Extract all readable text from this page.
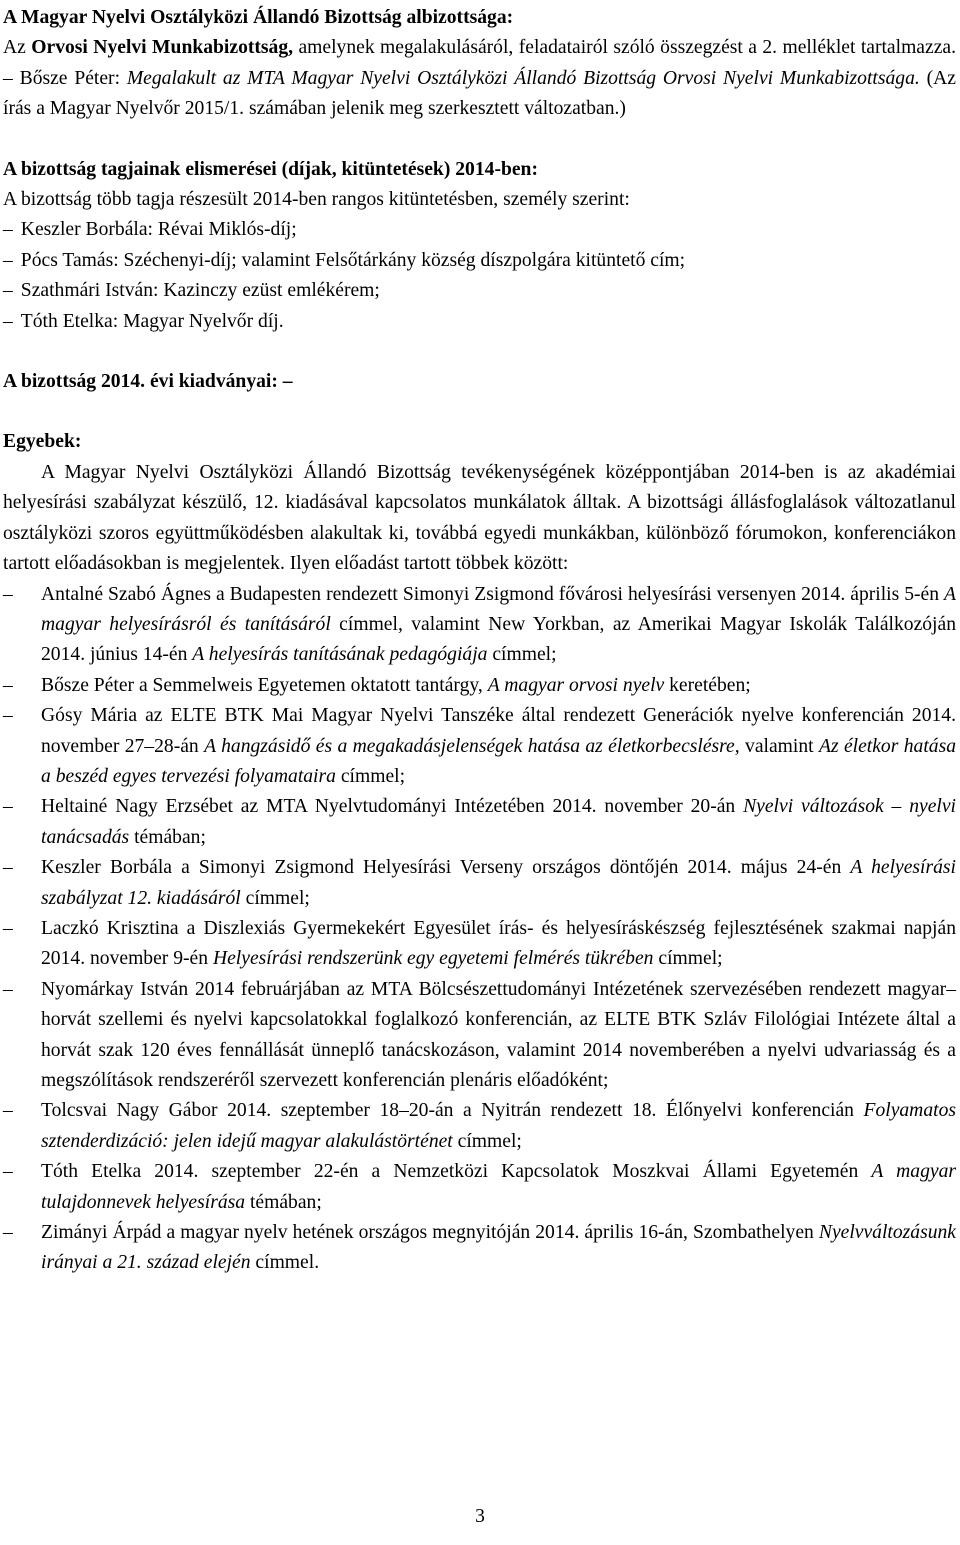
A Magyar Nyelvi Osztályközi Állandó Bizottság albizottsága:

Az Orvosi Nyelvi Munkabizottság, amelynek megalakulásáról, feladatairól szóló összegzést a 2. melléklet tartalmazza. – Bősze Péter: Megalakult az MTA Magyar Nyelvi Osztályközi Állandó Bizottság Orvosi Nyelvi Munkabizottsága. (Az írás a Magyar Nyelvőr 2015/1. számában jelenik meg szerkesztett változatban.)

A bizottság tagjainak elismerései (díjak, kitüntetések) 2014-ben:

A bizottság több tagja részesült 2014-ben rangos kitüntetésben, személy szerint:

– Keszler Borbála: Révai Miklós-díj;
– Pócs Tamás: Széchenyi-díj; valamint Felsőtárkány község díszpolgára kitüntető cím;
– Szathmári István: Kazinczy ezüst emlékérem;
– Tóth Etelka: Magyar Nyelvőr díj.

A bizottság 2014. évi kiadványai: –

Egyebek:

A Magyar Nyelvi Osztályközi Állandó Bizottság tevékenységének középpontjában 2014-ben is az akadémiai helyesírási szabályzat készülő, 12. kiadásával kapcsolatos munkálatok álltak. A bizottsági állásfoglalások változatlanul osztályközi szoros együttműködésben alakultak ki, továbbá egyedi munkákban, különböző fórumokon, konferenciákon tartott előadásokban is megjelentek. Ilyen előadást tartott többek között:

–	Antalné Szabó Ágnes a Budapesten rendezett Simonyi Zsigmond fővárosi helyesírási versenyen 2014. április 5-én A magyar helyesírásról és tanításáról címmel, valamint New Yorkban, az Amerikai Magyar Iskolák Találkozóján 2014. június 14-én A helyesírás tanításának pedagógiája címmel;
–	Bősze Péter a Semmelweis Egyetemen oktatott tantárgy, A magyar orvosi nyelv keretében;
–	Gósy Mária az ELTE BTK Mai Magyar Nyelvi Tanszéke által rendezett Generációk nyelve konferencián 2014. november 27–28-án A hangzásidő és a megakadásjelenségek hatása az életkorbecslésre, valamint Az életkor hatása a beszéd egyes tervezési folyamataira címmel;
–	Heltainé Nagy Erzsébet az MTA Nyelvtudományi Intézetében 2014. november 20-án Nyelvi változások – nyelvi tanácsadás témában;
–	Keszler Borbála a Simonyi Zsigmond Helyesírási Verseny országos döntőjén 2014. május 24-én A helyesírási szabályzat 12. kiadásáról címmel;
–	Laczkó Krisztina a Diszlexiás Gyermekekért Egyesület írás- és helyesíráskészség fejlesztésének szakmai napján 2014. november 9-én Helyesírási rendszerünk egy egyetemi felmérés tükrében címmel;
–	Nyomárkay István 2014 februárjában az MTA Bölcsészettudományi Intézetének szervezésében rendezett magyar–horvát szellemi és nyelvi kapcsolatokkal foglalkozó konferencián, az ELTE BTK Szláv Filológiai Intézete által a horvát szak 120 éves fennállását ünneplő tanácskozáson, valamint 2014 novemberében a nyelvi udvariasság és a megszólítások rendszeréről szervezett konferencián plenáris előadóként;
–	Tolcsvai Nagy Gábor 2014. szeptember 18–20-án a Nyitrán rendezett 18. Élőnyelvi konferencián Folyamatos sztenderdizáció: jelen idejű magyar alakulástörténet címmel;
–	Tóth Etelka 2014. szeptember 22-én a Nemzetközi Kapcsolatok Moszkvai Állami Egyetemén A magyar tulajdonnevek helyesírása témában;
–	Zimányi Árpád a magyar nyelv hetének országos megnyitóján 2014. április 16-án, Szombathelyen Nyelvváltozásunk irányai a 21. század elején címmel.
3
